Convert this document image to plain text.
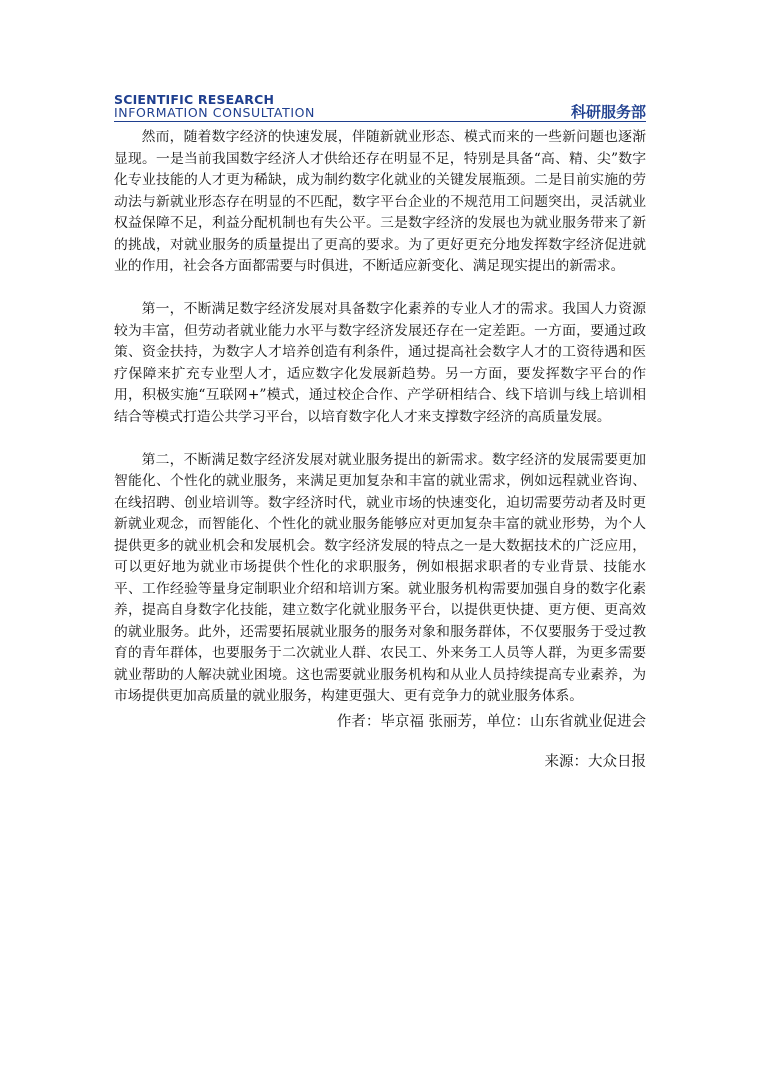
SCIENTIFIC RESEARCH
INFORMATION CONSULTATION	科研服务部

然而，随着数字经济的快速发展，伴随新就业形态、模式而来的一些新问题也逐渐显现。一是当前我国数字经济人才供给还存在明显不足，特别是具备“高、精、尖”数字化专业技能的人才更为稀缺，成为制约数字化就业的关键发展瓶颈。二是目前实施的劳动法与新就业形态存在明显的不匹配，数字平台企业的不规范用工问题突出，灵活就业权益保障不足，利益分配机制也有失公平。三是数字经济的发展也为就业服务带来了新的挑战，对就业服务的质量提出了更高的要求。为了更好更充分地发挥数字经济促进就业的作用，社会各方面都需要与时俱进，不断适应新变化、满足现实提出的新需求。

第一，不断满足数字经济发展对具备数字化素养的专业人才的需求。我国人力资源较为丰富，但劳动者就业能力水平与数字经济发展还存在一定差距。一方面，要通过政策、资金扶持，为数字人才培养创造有利条件，通过提高社会数字人才的工资待遇和医疗保障来扩充专业型人才，适应数字化发展新趋势。另一方面，要发挥数字平台的作用，积极实施“互联网+”模式，通过校企合作、产学研相结合、线下培训与线上培训相结合等模式打造公共学习平台，以培育数字化人才来支撑数字经济的高质量发展。

第二，不断满足数字经济发展对就业服务提出的新需求。数字经济的发展需要更加智能化、个性化的就业服务，来满足更加复杂和丰富的就业需求，例如远程就业咨询、在线招聘、创业培训等。数字经济时代，就业市场的快速变化，迫切需要劳动者及时更新就业观念，而智能化、个性化的就业服务能够应对更加复杂丰富的就业形势，为个人提供更多的就业机会和发展机会。数字经济发展的特点之一是大数据技术的广泛应用，可以更好地为就业市场提供个性化的求职服务，例如根据求职者的专业背景、技能水平、工作经验等量身定制职业介绍和培训方案。就业服务机构需要加强自身的数字化素养，提高自身数字化技能，建立数字化就业服务平台，以提供更快捷、更方便、更高效的就业服务。此外，还需要拓展就业服务的服务对象和服务群体，不仅要服务于受过教育的青年群体，也要服务于二次就业人群、农民工、外来务工人员等人群，为更多需要就业帮助的人解决就业困境。这也需要就业服务机构和从业人员持续提高专业素养，为市场提供更加高质量的就业服务，构建更强大、更有竞争力的就业服务体系。

作者：毕京福 张丽芳，单位：山东省就业促进会
来源：大众日报
